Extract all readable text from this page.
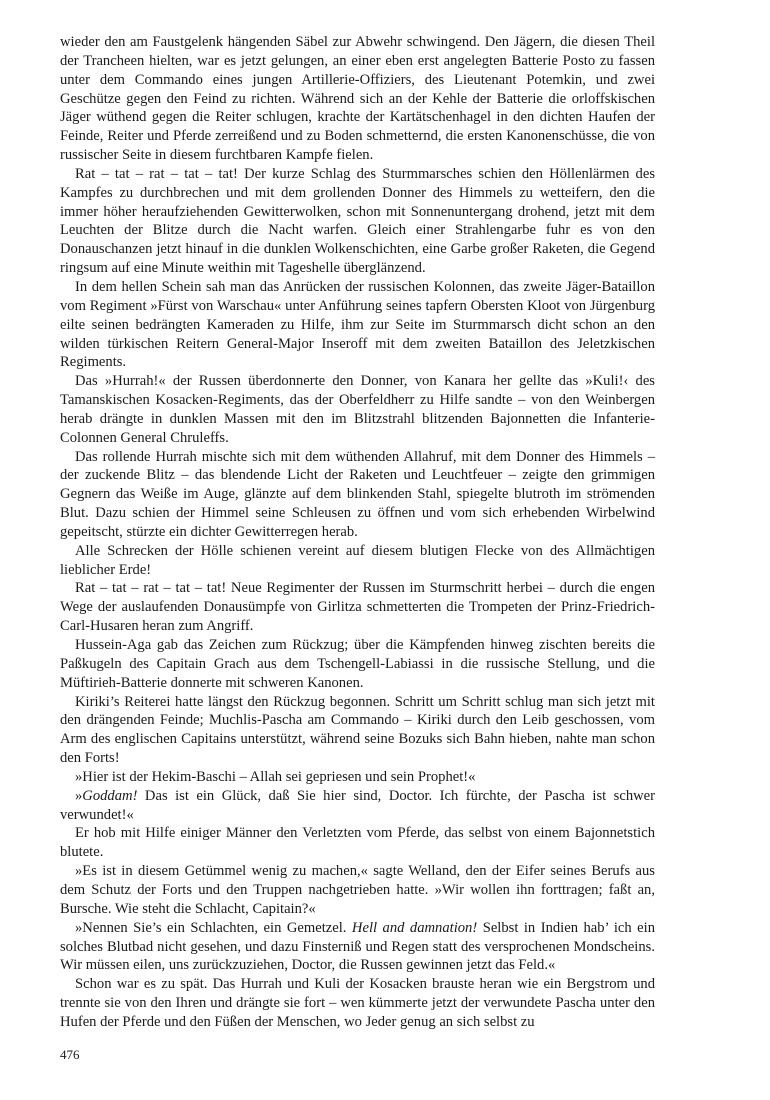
wieder den am Faustgelenk hängenden Säbel zur Abwehr schwingend. Den Jägern, die diesen Theil der Trancheen hielten, war es jetzt gelungen, an einer eben erst angelegten Batterie Posto zu fassen unter dem Commando eines jungen Artillerie-Offiziers, des Lieutenant Potemkin, und zwei Geschütze gegen den Feind zu richten. Während sich an der Kehle der Batterie die orloffskischen Jäger wüthend gegen die Reiter schlugen, krachte der Kartätschenhagel in den dichten Haufen der Feinde, Reiter und Pferde zerreißend und zu Boden schmetternd, die ersten Kanonenschüsse, die von russischer Seite in diesem furchtbaren Kampfe fielen.

Rat – tat – rat – tat – tat! Der kurze Schlag des Sturmmarsches schien den Höllenlärmen des Kampfes zu durchbrechen und mit dem grollenden Donner des Himmels zu wetteifern, den die immer höher heraufziehenden Gewitterwolken, schon mit Sonnenuntergang drohend, jetzt mit dem Leuchten der Blitze durch die Nacht warfen. Gleich einer Strahlengarbe fuhr es von den Donauschanzen jetzt hinauf in die dunklen Wolkenschichten, eine Garbe großer Raketen, die Gegend ringsum auf eine Minute weithin mit Tageshelle überglänzend.

In dem hellen Schein sah man das Anrücken der russischen Kolonnen, das zweite Jäger-Bataillon vom Regiment »Fürst von Warschau« unter Anführung seines tapfern Obersten Kloot von Jürgenburg eilte seinen bedrängten Kameraden zu Hilfe, ihm zur Seite im Sturmmarsch dicht schon an den wilden türkischen Reitern General-Major Inseroff mit dem zweiten Bataillon des Jeletzkischen Regiments.

Das »Hurrah!« der Russen überdonnerte den Donner, von Kanara her gellte das »Kuli!‹ des Tamanskischen Kosacken-Regiments, das der Oberfeldherr zu Hilfe sandte – von den Weinbergen herab drängte in dunklen Massen mit den im Blitzstrahl blitzenden Bajonnetten die Infanterie-Colonnen General Chruleffs.

Das rollende Hurrah mischte sich mit dem wüthenden Allahruf, mit dem Donner des Himmels – der zuckende Blitz – das blendende Licht der Raketen und Leuchtfeuer – zeigte den grimmigen Gegnern das Weiße im Auge, glänzte auf dem blinkenden Stahl, spiegelte blutroth im strömenden Blut. Dazu schien der Himmel seine Schleusen zu öffnen und vom sich erhebenden Wirbelwind gepeitscht, stürzte ein dichter Gewitterregen herab.

Alle Schrecken der Hölle schienen vereint auf diesem blutigen Flecke von des Allmächtigen lieblicher Erde!

Rat – tat – rat – tat – tat! Neue Regimenter der Russen im Sturmschritt herbei – durch die engen Wege der auslaufenden Donausümpfe von Girlitza schmetterten die Trompeten der Prinz-Friedrich-Carl-Husaren heran zum Angriff.

Hussein-Aga gab das Zeichen zum Rückzug; über die Kämpfenden hinweg zischten bereits die Paßkugeln des Capitain Grach aus dem Tschengell-Labiassi in die russische Stellung, und die Müftirieh-Batterie donnerte mit schweren Kanonen.

Kiriki’s Reiterei hatte längst den Rückzug begonnen. Schritt um Schritt schlug man sich jetzt mit den drängenden Feinde; Muchlis-Pascha am Commando – Kiriki durch den Leib geschossen, vom Arm des englischen Capitains unterstützt, während seine Bozuks sich Bahn hieben, nahte man schon den Forts!

»Hier ist der Hekim-Baschi – Allah sei gepriesen und sein Prophet!«

»Goddam! Das ist ein Glück, daß Sie hier sind, Doctor. Ich fürchte, der Pascha ist schwer verwundet!«

Er hob mit Hilfe einiger Männer den Verletzten vom Pferde, das selbst von einem Bajonnetstich blutete.

»Es ist in diesem Getümmel wenig zu machen,« sagte Welland, den der Eifer seines Berufs aus dem Schutz der Forts und den Truppen nachgetrieben hatte. »Wir wollen ihn forttragen; faßt an, Bursche. Wie steht die Schlacht, Capitain?«

»Nennen Sie’s ein Schlachten, ein Gemetzel. Hell and damnation! Selbst in Indien hab’ ich ein solches Blutbad nicht gesehen, und dazu Finsterniß und Regen statt des versprochenen Mondscheins. Wir müssen eilen, uns zurückzuziehen, Doctor, die Russen gewinnen jetzt das Feld.«

Schon war es zu spät. Das Hurrah und Kuli der Kosacken brauste heran wie ein Bergstrom und trennte sie von den Ihren und drängte sie fort – wen kümmerte jetzt der verwundete Pascha unter den Hufen der Pferde und den Füßen der Menschen, wo Jeder genug an sich selbst zu

476
